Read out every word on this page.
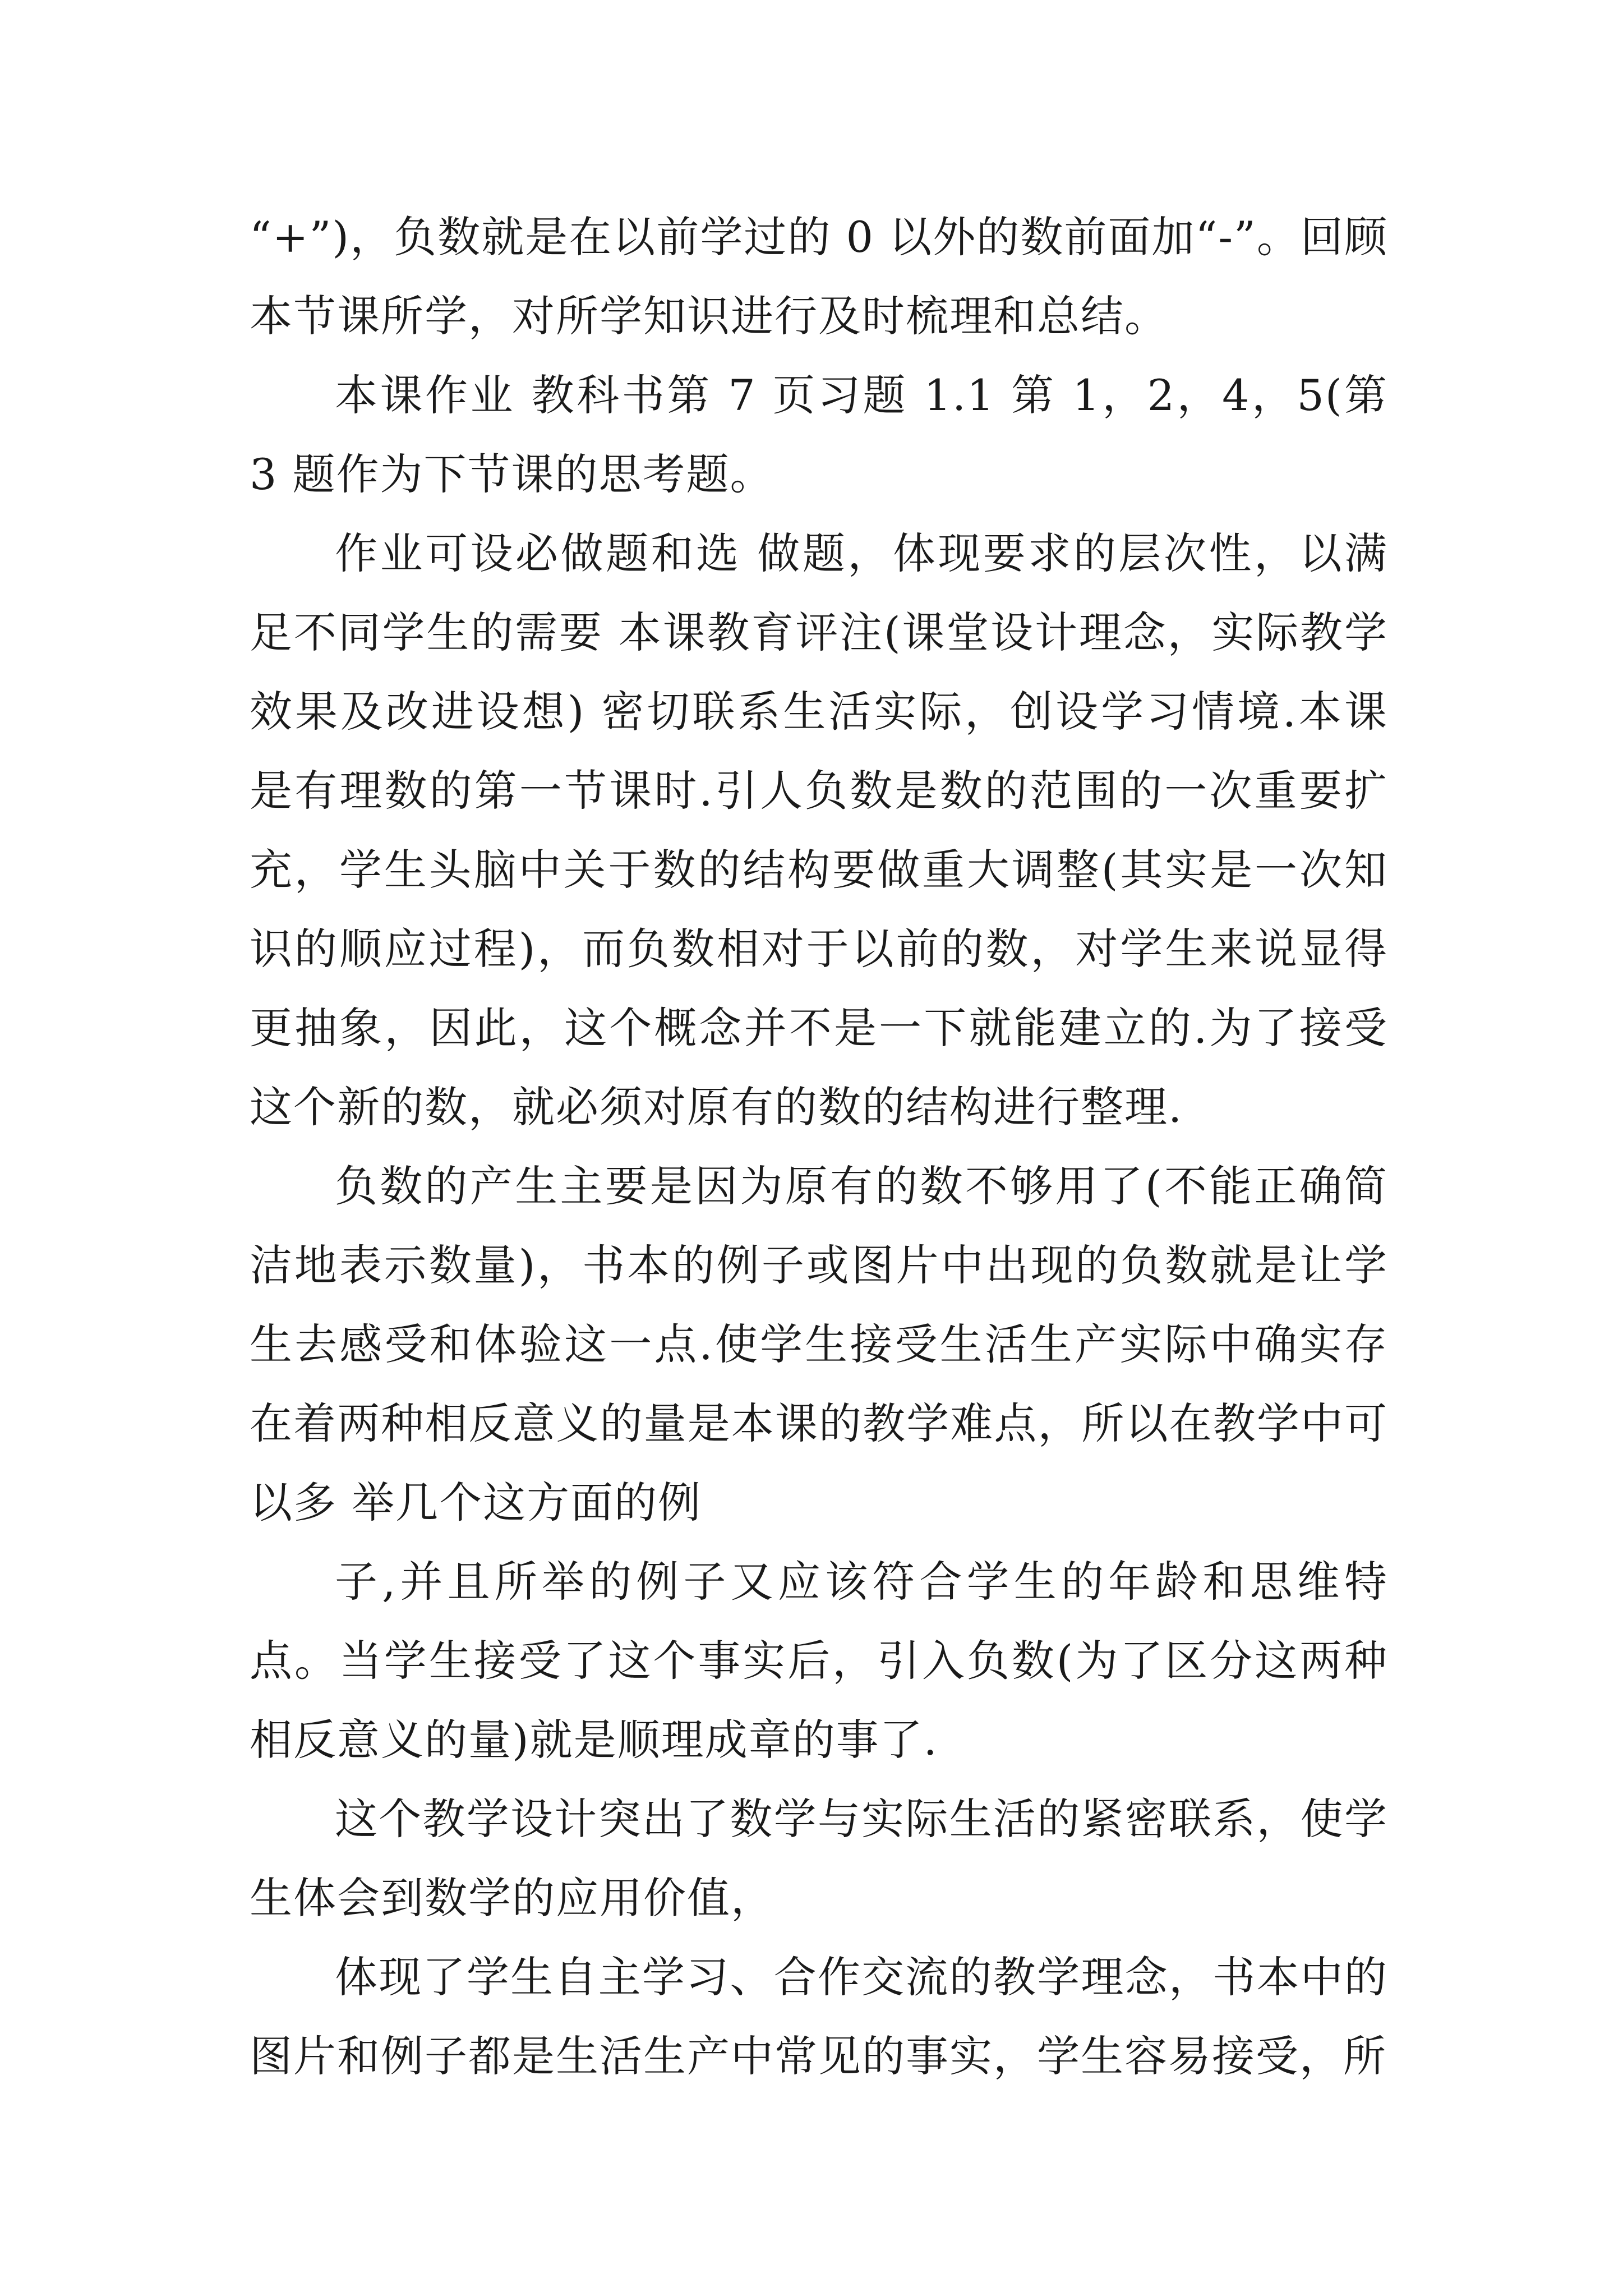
“+”)，负数就是在以前学过的 0 以外的数前面加“-”。回顾本节课所学，对所学知识进行及时梳理和总结。

本课作业 教科书第 7 页习题 1.1 第 1，2，4，5(第 3 题作为下节课的思考题。

作业可设必做题和选 做题，体现要求的层次性，以满足不同学生的需要 本课教育评注(课堂设计理念，实际教学效果及改进设想) 密切联系生活实际，创设学习情境.本课是有理数的第一节课时.引人负数是数的范围的一次重要扩充，学生头脑中关于数的结构要做重大调整(其实是一次知识的顺应过程)，而负数相对于以前的数，对学生来说显得更抽象，因此，这个概念并不是一下就能建立的.为了接受这个新的数，就必须对原有的数的结构进行整理.

负数的产生主要是因为原有的数不够用了(不能正确简洁地表示数量)，书本的例子或图片中出现的负数就是让学生去感受和体验这一点.使学生接受生活生产实际中确实存在着两种相反意义的量是本课的教学难点，所以在教学中可以多 举几个这方面的例

子,并且所举的例子又应该符合学生的年龄和思维特点。当学生接受了这个事实后，引入负数(为了区分这两种相反意义的量)就是顺理成章的事了.

这个教学设计突出了数学与实际生活的紧密联系，使学生体会到数学的应用价值，

体现了学生自主学习、合作交流的教学理念，书本中的图片和例子都是生活生产中常见的事实，学生容易接受，所
